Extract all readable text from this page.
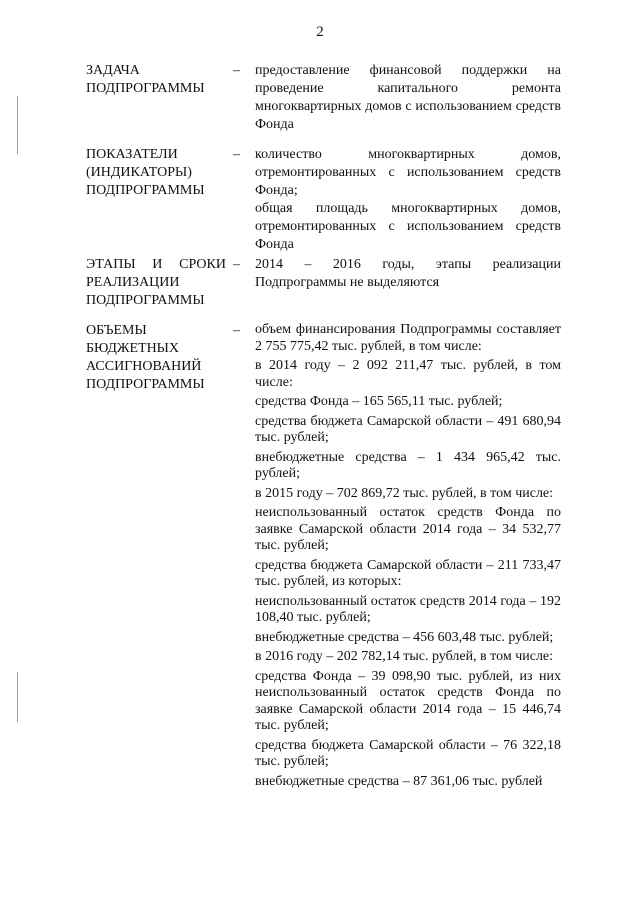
2
ЗАДАЧА
ПОДПРОГРАММЫ
– предоставление финансовой поддержки на проведение капитального ремонта многоквартирных домов с использованием средств Фонда
ПОКАЗАТЕЛИ
(ИНДИКАТОРЫ)
ПОДПРОГРАММЫ
– количество многоквартирных домов, отремонтированных с использованием средств Фонда;
общая площадь многоквартирных домов, отремонтированных с использованием средств Фонда
ЭТАПЫ И СРОКИ
РЕАЛИЗАЦИИ
ПОДПРОГРАММЫ
– 2014 – 2016 годы, этапы реализации Подпрограммы не выделяются
ОБЪЕМЫ
БЮДЖЕТНЫХ
АССИГНОВАНИЙ
ПОДПРОГРАММЫ
– объем финансирования Подпрограммы составляет 2 755 775,42 тыс. рублей, в том числе:
в 2014 году – 2 092 211,47 тыс. рублей, в том числе:
средства Фонда – 165 565,11 тыс. рублей;
средства бюджета Самарской области – 491 680,94 тыс. рублей;
внебюджетные средства – 1 434 965,42 тыс. рублей;
в 2015 году – 702 869,72 тыс. рублей, в том числе:
неиспользованный остаток средств Фонда по заявке Самарской области 2014 года – 34 532,77 тыс. рублей;
средства бюджета Самарской области – 211 733,47 тыс. рублей, из которых:
неиспользованный остаток средств 2014 года – 192 108,40 тыс. рублей;
внебюджетные средства – 456 603,48 тыс. рублей;
в 2016 году – 202 782,14 тыс. рублей, в том числе:
средства Фонда – 39 098,90 тыс. рублей, из них неиспользованный остаток средств Фонда по заявке Самарской области 2014 года – 15 446,74 тыс. рублей;
средства бюджета Самарской области – 76 322,18 тыс. рублей;
внебюджетные средства – 87 361,06 тыс. рублей
